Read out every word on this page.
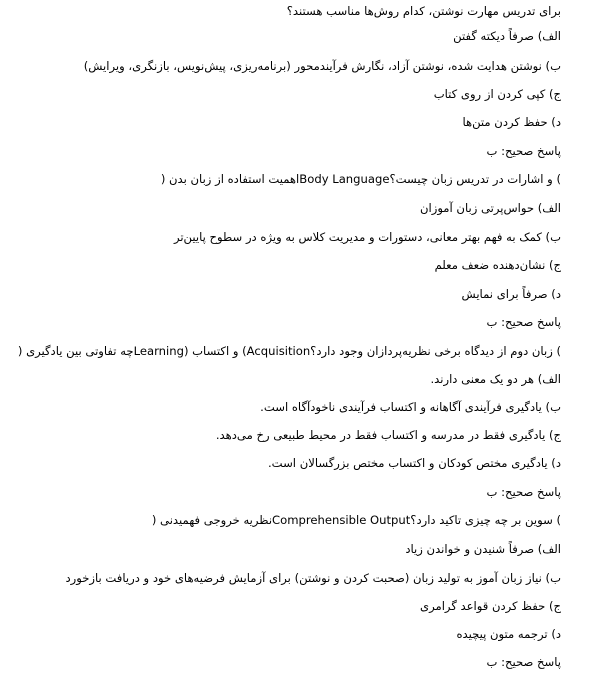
برای تدریس مهارت نوشتن، کدام روش‌ها مناسب هستند؟
الف) صرفاً دیکته گفتن
ب) نوشتن هدایت شده، نوشتن آزاد، نگارش فرآیندمحور (برنامه‌ریزی، پیش‌نویس، بازنگری، ویرایش)
ج) کپی کردن از روی کتاب
د) حفظ کردن متن‌ها
پاسخ صحیح: ب
) و اشارات در تدریس زبان چیست؟Body Languageاهمیت استفاده از زبان بدن (
الف) حواس‌پرتی زبان آموزان
ب) کمک به فهم بهتر معانی، دستورات و مدیریت کلاس به ویژه در سطوح پایین‌تر
ج) نشان‌دهنده ضعف معلم
د) صرفاً برای نمایش
پاسخ صحیح: ب
) زبان دوم از دیدگاه برخی نظریه‌پردازان وجود دارد؟Acquisition) و اکتساب (Learningچه تفاوتی بین یادگیری (
الف) هر دو یک معنی دارند.
ب) یادگیری فرآیندی آگاهانه و اکتساب فرآیندی ناخودآگاه است.
ج) یادگیری فقط در مدرسه و اکتساب فقط در محیط طبیعی رخ می‌دهد.
د) یادگیری مختص کودکان و اکتساب مختص بزرگسالان است.
پاسخ صحیح: ب
) سوین بر چه چیزی تاکید دارد؟Comprehensible Outputنظریه خروجی فهمیدنی (
الف) صرفاً شنیدن و خواندن زیاد
ب) نیاز زبان آموز به تولید زبان (صحبت کردن و نوشتن) برای آزمایش فرضیه‌های خود و دریافت بازخورد
ج) حفظ کردن قواعد گرامری
د) ترجمه متون پیچیده
پاسخ صحیح: ب
